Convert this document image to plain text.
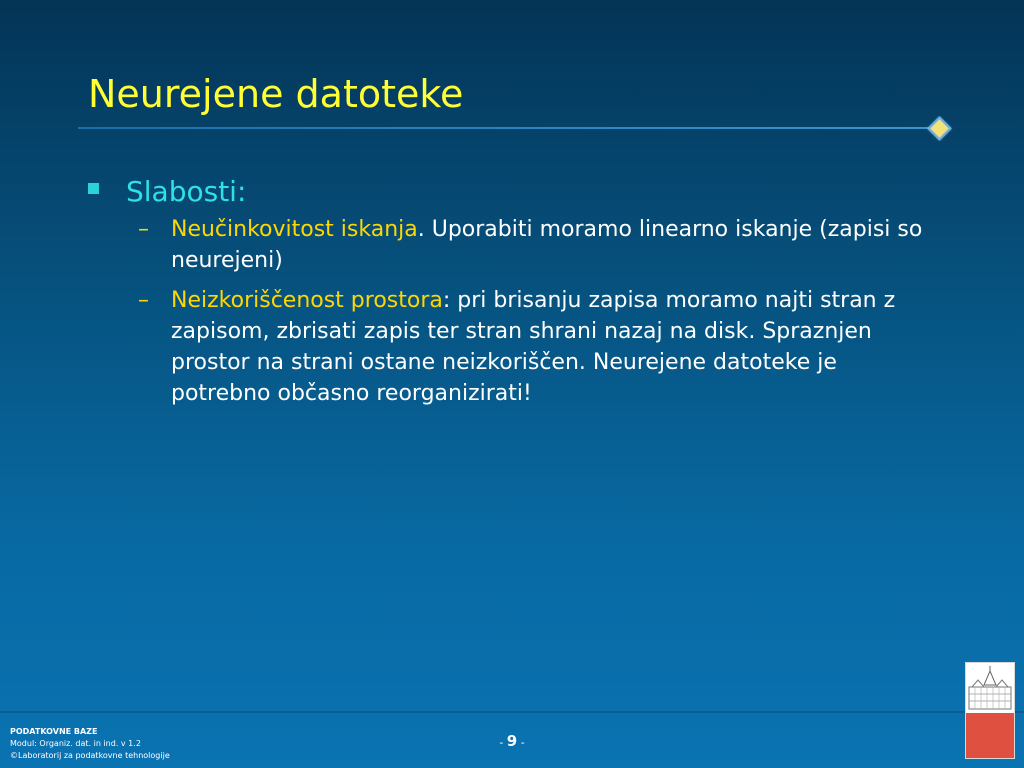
Neurejene datoteke
Slabosti:
– Neučinkovitost iskanja. Uporabiti moramo linearno iskanje (zapisi so neurejeni)
– Neizkoriščenost prostora: pri brisanju zapisa moramo najti stran z zapisom, zbrisati zapis ter stran shrani nazaj na disk. Spraznjen prostor na strani ostane neizkoriščen. Neurejene datoteke je potrebno občasno reorganizirati!
PODATKOVNE BAZE
Modul: Organiz. dat. in ind. v 1.2
©Laboratorij za podatkovne tehnologije
- 9 -
